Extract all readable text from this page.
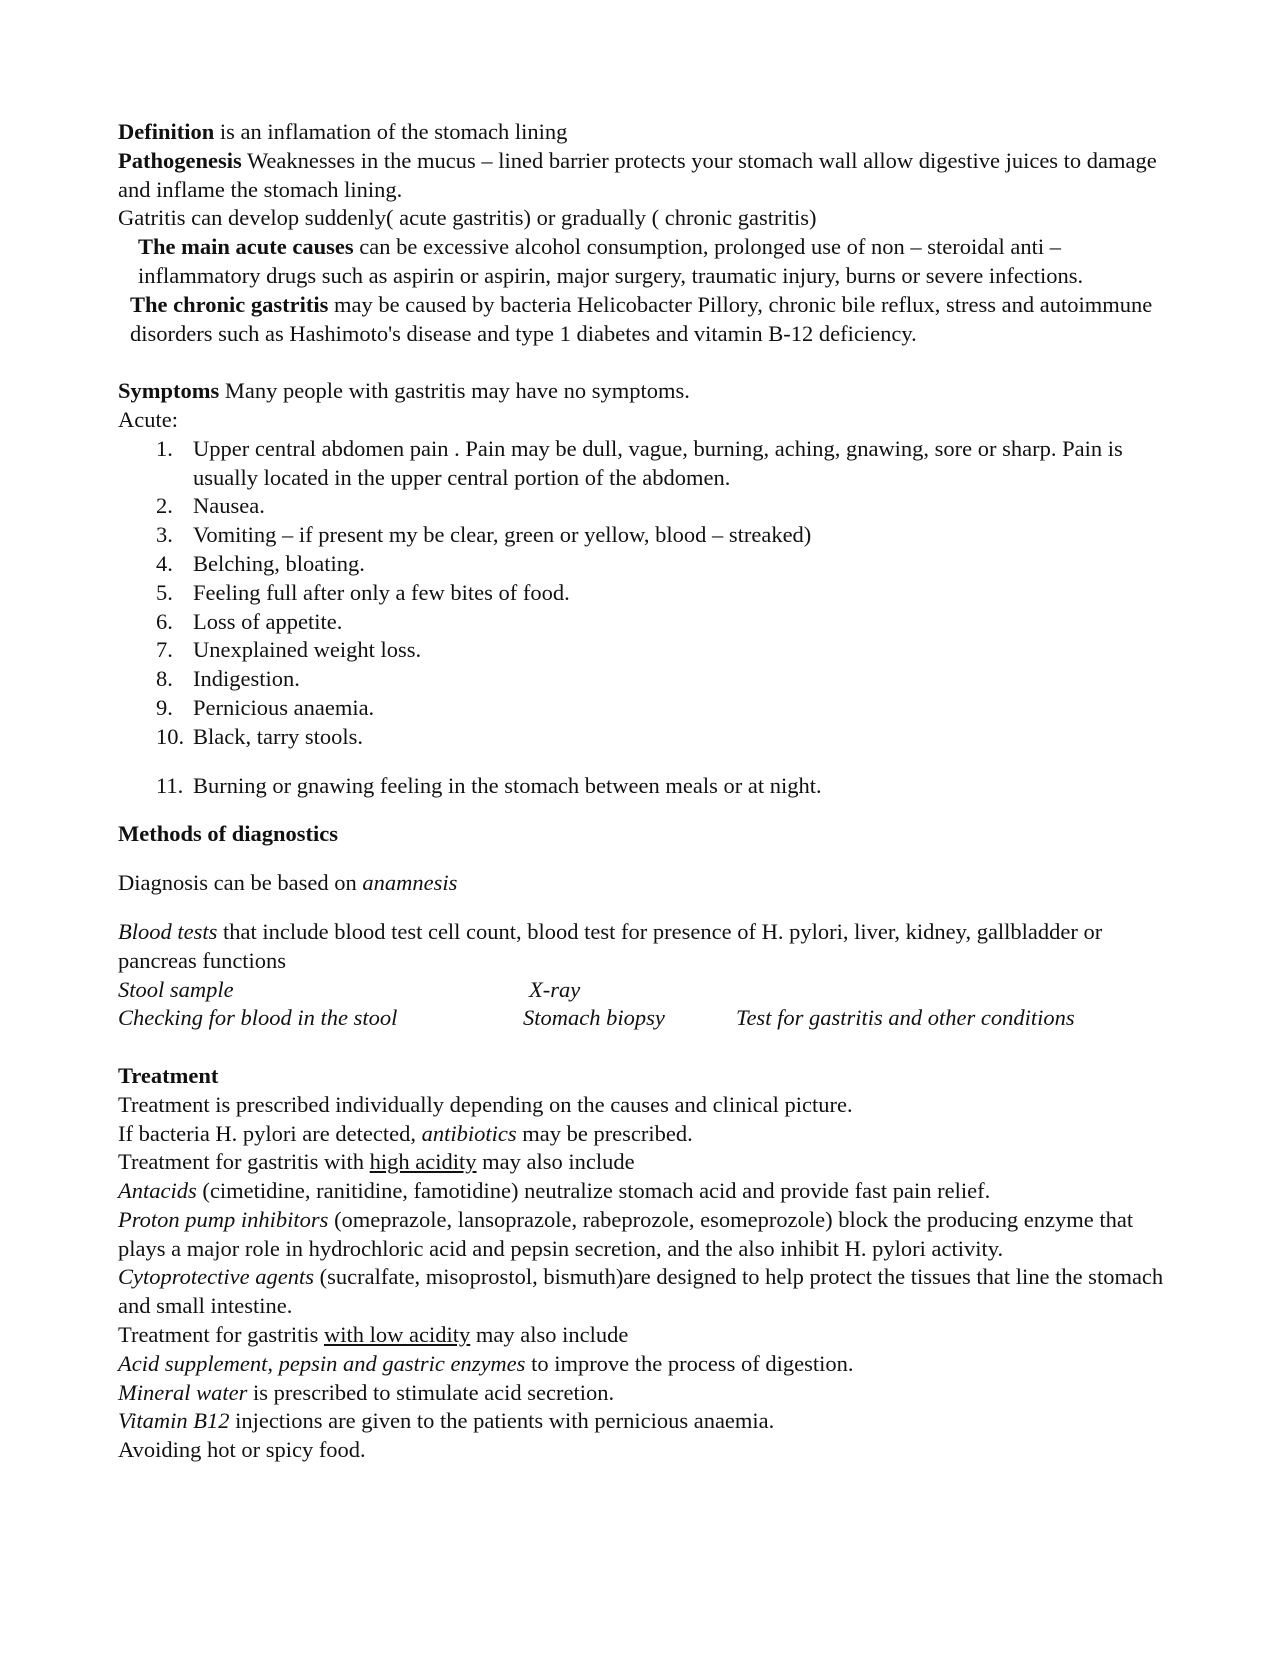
Definition is an inflamation of the stomach lining
Pathogenesis Weaknesses in the mucus – lined barrier protects your stomach wall allow digestive juices to damage and inflame the stomach lining.
Gatritis can develop suddenly( acute gastritis) or gradually ( chronic gastritis)
The main acute causes can be excessive alcohol consumption, prolonged use of non – steroidal anti – inflammatory drugs such as aspirin or aspirin, major surgery, traumatic injury, burns or severe infections.
The chronic gastritis may be caused by bacteria Helicobacter Pillory, chronic bile reflux, stress and autoimmune disorders such as Hashimoto's disease and type 1 diabetes and vitamin B-12 deficiency.
Symptoms Many people with gastritis may have no symptoms.
Acute:
1. Upper central abdomen pain . Pain may be dull, vague, burning, aching, gnawing, sore or sharp. Pain is usually located in the upper central portion of the abdomen.
2. Nausea.
3. Vomiting – if present my be clear, green or yellow, blood – streaked)
4. Belching, bloating.
5. Feeling full after only a few bites of food.
6. Loss of appetite.
7. Unexplained weight loss.
8. Indigestion.
9. Pernicious anaemia.
10. Black, tarry stools.
11. Burning or gnawing feeling in the stomach between meals or at night.
Methods of diagnostics
Diagnosis can be based on anamnesis
Blood tests that include blood test cell count, blood test for presence of H. pylori, liver, kidney, gallbladder or pancreas functions
Stool sample	X-ray
Checking for blood in the stool	Stomach biopsy	Test for gastritis and other conditions
Treatment
Treatment is prescribed individually depending on the causes and clinical picture.
If bacteria H. pylori are detected, antibiotics may be prescribed.
Treatment for gastritis with high acidity may also include
Antacids (cimetidine, ranitidine, famotidine) neutralize stomach acid and provide fast pain relief.
Proton pump inhibitors (omeprazole, lansoprazole, rabeprozole, esomeprozole) block the producing enzyme that plays a major role in hydrochloric acid and pepsin secretion, and the also inhibit H. pylori activity.
Cytoprotective agents (sucralfate, misoprostol, bismuth)are designed to help protect the tissues that line the stomach and small intestine.
Treatment for gastritis with low acidity may also include
Acid supplement, pepsin and gastric enzymes to improve the process of digestion.
Mineral water is prescribed to stimulate acid secretion.
Vitamin B12 injections are given to the patients with pernicious anaemia.
Avoiding hot or spicy food.
